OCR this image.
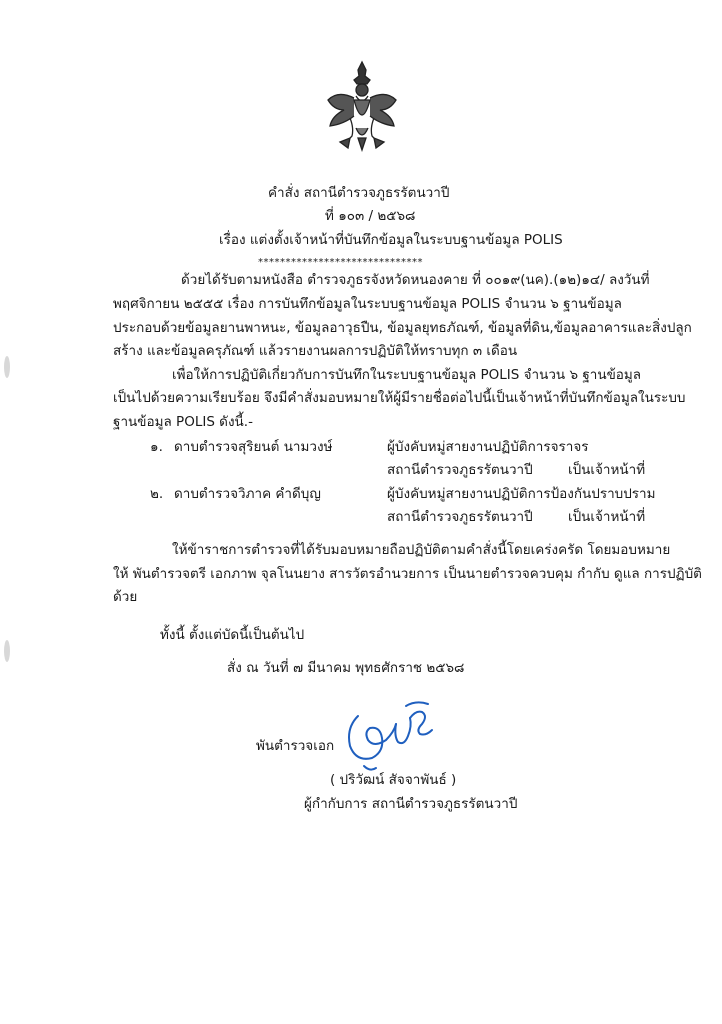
คำสั่ง สถานีตำรวจภูธรรัตนวาปี
ที่ ๑๐๓ / ๒๕๖๘
เรื่อง แต่งตั้งเจ้าหน้าที่บันทึกข้อมูลในระบบฐานข้อมูล POLIS
******************************
ด้วยได้รับตามหนังสือ ตำรวจภูธรจังหวัดหนองคาย ที่ ๐๐๑๙(นค).(๑๒)๑๔/ ลงวันที่
พฤศจิกายน ๒๕๕๕ เรื่อง การบันทึกข้อมูลในระบบฐานข้อมูล POLIS จำนวน ๖ ฐานข้อมูล
ประกอบด้วยข้อมูลยานพาหนะ, ข้อมูลอาวุธปืน, ข้อมูลยุทธภัณฑ์, ข้อมูลที่ดิน,ข้อมูลอาคารและสิ่งปลูก
สร้าง และข้อมูลครุภัณฑ์ แล้วรายงานผลการปฏิบัติให้ทราบทุก ๓ เดือน
เพื่อให้การปฏิบัติเกี่ยวกับการบันทึกในระบบฐานข้อมูล POLIS จำนวน ๖ ฐานข้อมูล
เป็นไปด้วยความเรียบร้อย จึงมีคำสั่งมอบหมายให้ผู้มีรายชื่อต่อไปนี้เป็นเจ้าหน้าที่บันทึกข้อมูลในระบบ
ฐานข้อมูล POLIS ดังนี้.-
๑. ดาบตำรวจสุริยนต์ นามวงษ์	ผู้บังคับหมู่สายงานปฏิบัติการจราจร
สถานีตำรวจภูธรรัตนวาปี	เป็นเจ้าหน้าที่
๒. ดาบตำรวจวิภาค คำดีบุญ	ผู้บังคับหมู่สายงานปฏิบัติการป้องกันปราบปราม
สถานีตำรวจภูธรรัตนวาปี	เป็นเจ้าหน้าที่
ให้ข้าราชการตำรวจที่ได้รับมอบหมายถือปฏิบัติตามคำสั่งนี้โดยเคร่งครัด โดยมอบหมาย
ให้ พันตำรวจตรี เอกภาพ จุลโนนยาง สารวัตรอำนวยการ เป็นนายตำรวจควบคุม กำกับ ดูแล การปฏิบัติ
ด้วย
ทั้งนี้ ตั้งแต่บัดนี้เป็นต้นไป
สั่ง ณ วันที่ ๗ มีนาคม พุทธศักราช ๒๕๖๘
พันตำรวจเอก
( ปริวัฒน์ สัจจาพันธ์ )
ผู้กำกับการ สถานีตำรวจภูธรรัตนวาปี
